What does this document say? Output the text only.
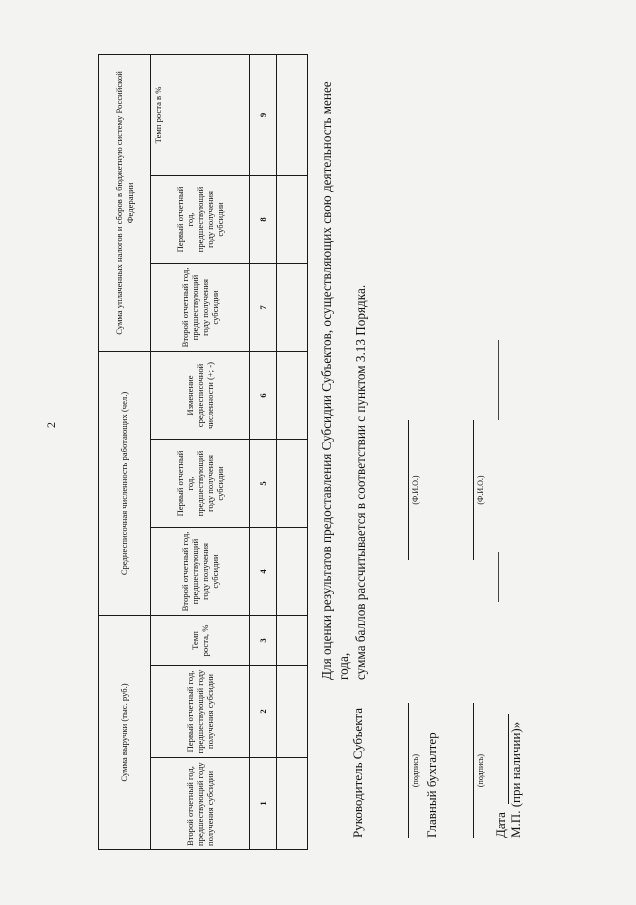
2
Сумма выручки (тыс. руб.)			Среднесписочная численность работающих (чел.)			Сумма уплаченных налогов и сборов в бюджетную систему Российской Федерации		
Второй отчетный год, предшествующий году получения субсидии	Первый отчетный год, предшествующий году получения субсидии	Темп роста, %	Второй отчетный год, предшествующий году получения субсидии	Первый отчетный год, предшествующий году получения субсидии	Изменение среднесписочной численности (+; -)	Второй отчетный год, предшествующий году получения субсидии	Первый отчетный год, предшествующий году получения субсидии	Темп роста в %
1	2	3	4	5	6	7	8	9
									Для оценки результатов предоставления Субсидии Субъектов, осуществляющих свою деятельность менее года, сумма баллов рассчитывается в соответствии с пунктом 3.13 Порядка.
Руководитель Субъекта	(подпись)
(Ф.И.О.)
Главный бухгалтер	(подпись)
(Ф.И.О.)
Дата М.П. (при наличии)»
